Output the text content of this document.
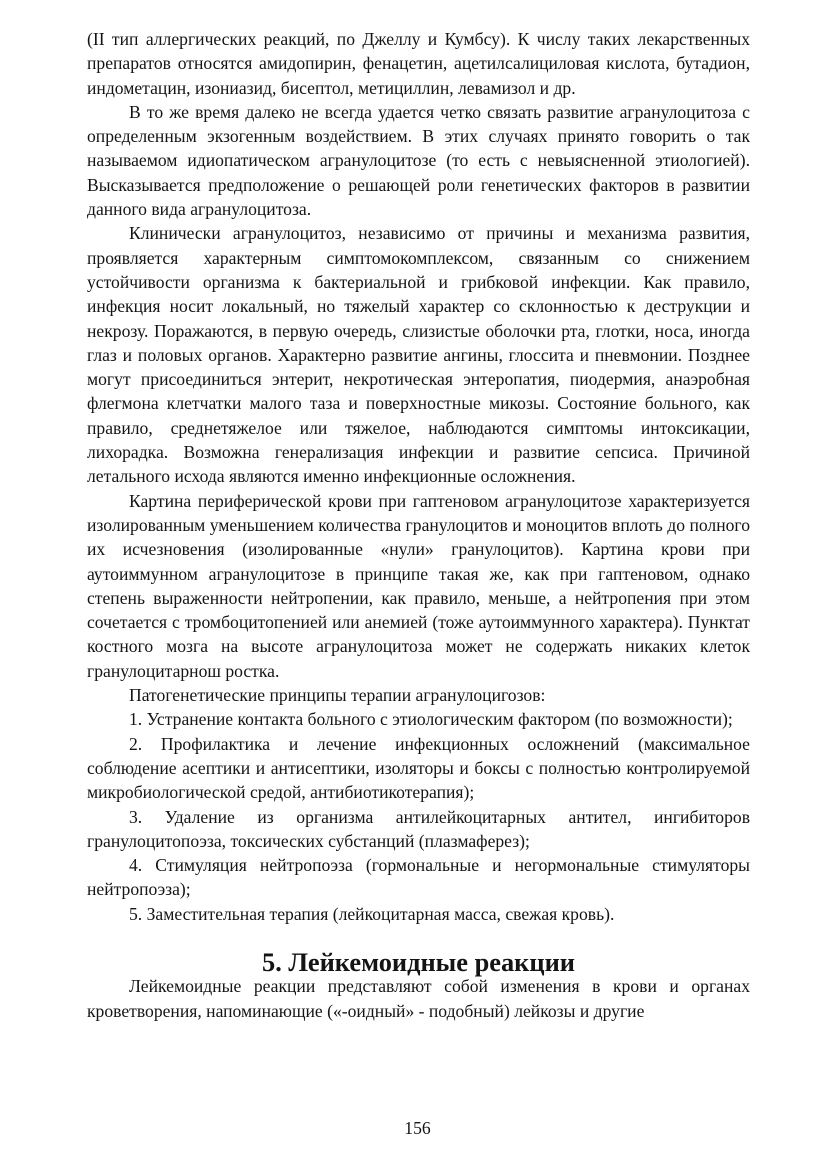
(II тип аллергических реакций, по Джеллу и Кумбсу). К числу таких лекарственных препаратов относятся амидопирин, фенацетин, ацетилсалициловая кислота, бутадион, индометацин, изониазид, бисептол, метициллин, левамизол и др.

В то же время далеко не всегда удается четко связать развитие агранулоцитоза с определенным экзогенным воздействием. В этих случаях принято говорить о так называемом идиопатическом агранулоцитозе (то есть с невыясненной этиологией). Высказывается предположение о решающей роли генетических факторов в развитии данного вида агранулоцитоза.

Клинически агранулоцитоз, независимо от причины и механизма развития, проявляется характерным симптомокомплексом, связанным со снижением устойчивости организма к бактериальной и грибковой инфекции. Как правило, инфекция носит локальный, но тяжелый характер со склонностью к деструкции и некрозу. Поражаются, в первую очередь, слизистые оболочки рта, глотки, носа, иногда глаз и половых органов. Характерно развитие ангины, глоссита и пневмонии. Позднее могут присоединиться энтерит, некротическая энтеропатия, пиодермия, анаэробная флегмона клетчатки малого таза и поверхностные микозы. Состояние больного, как правило, среднетяжелое или тяжелое, наблюдаются симптомы интоксикации, лихорадка. Возможна генерализация инфекции и развитие сепсиса. Причиной летального исхода являются именно инфекционные осложнения.

Картина периферической крови при гаптеновом агранулоцитозе характеризуется изолированным уменьшением количества гранулоцитов и моноцитов вплоть до полного их исчезновения (изолированные «нули» гранулоцитов). Картина крови при аутоиммунном агранулоцитозе в принципе такая же, как при гаптеновом, однако степень выраженности нейтропении, как правило, меньше, а нейтропения при этом сочетается с тромбоцитопенией или анемией (тоже аутоиммунного характера). Пунктат костного мозга на высоте агранулоцитоза может не содержать никаких клеток гранулоцитарнош ростка.

Патогенетические принципы терапии агранулоцигозов:

1. Устранение контакта больного с этиологическим фактором (по возможности);

2. Профилактика и лечение инфекционных осложнений (максимальное соблюдение асептики и антисептики, изоляторы и боксы с полностью контролируемой микробиологической средой, антибиотикотерапия);

3. Удаление из организма антилейкоцитарных антител, ингибиторов гранулоцитопоэза, токсических субстанций (плазмаферез);

4. Стимуляция нейтропоэза (гормональные и негормональные стимуляторы нейтропоэза);

5. Заместительная терапия (лейкоцитарная масса, свежая кровь).

5. Лейкемоидные реакции

Лейкемоидные реакции представляют собой изменения в крови и органах кроветворения, напоминающие («-оидный» - подобный) лейкозы и другие

156
